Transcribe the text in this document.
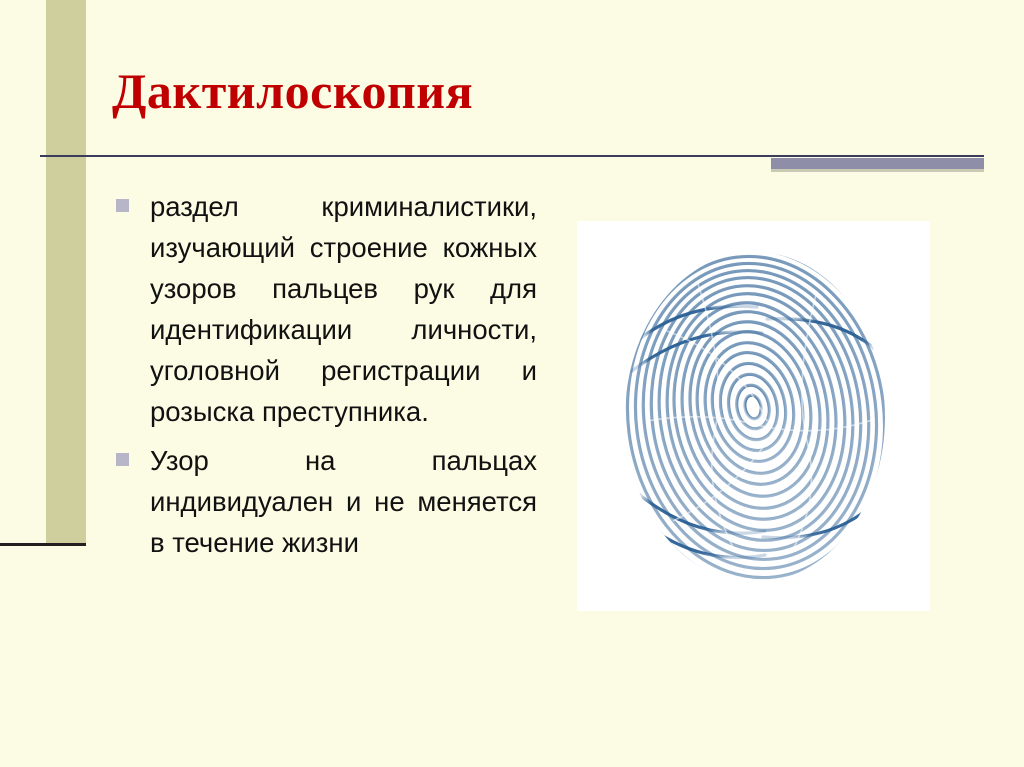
Дактилоскопия
раздел криминалистики, изучающий строение кожных узоров пальцев рук для идентификации личности, уголовной регистрации и розыска преступника.
Узор на пальцах индивидуален и не меняется в течение жизни
